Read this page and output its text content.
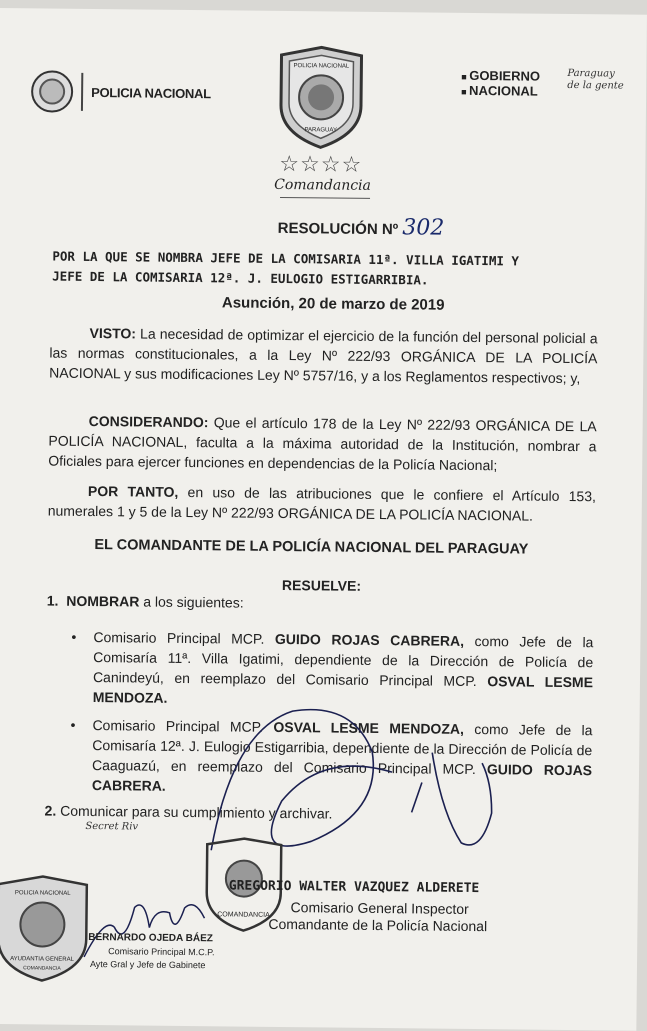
POLICIA NACIONAL
POLICIA NACIONAL
PARAGUAY
☆☆☆☆
Comandancia
■ GOBIERNO
■ NACIONAL
Paraguay
de la gente
RESOLUCIÓN Nº 302
POR LA QUE SE NOMBRA JEFE DE LA COMISARIA 11ª. VILLA IGATIMI Y
JEFE DE LA COMISARIA 12ª. J. EULOGIO ESTIGARRIBIA.
Asunción, 20 de marzo de 2019
VISTO: La necesidad de optimizar el ejercicio de la función del personal policial a las normas constitucionales, a la Ley Nº 222/93 ORGÁNICA DE LA POLICÍA NACIONAL y sus modificaciones Ley Nº 5757/16, y a los Reglamentos respectivos; y,
CONSIDERANDO: Que el artículo 178 de la Ley Nº 222/93 ORGÁNICA DE LA POLICÍA NACIONAL, faculta a la máxima autoridad de la Institución, nombrar a Oficiales para ejercer funciones en dependencias de la Policía Nacional;
POR TANTO, en uso de las atribuciones que le confiere el Artículo 153, numerales 1 y 5 de la Ley Nº 222/93 ORGÁNICA DE LA POLICÍA NACIONAL.
EL COMANDANTE DE LA POLICÍA NACIONAL DEL PARAGUAY
RESUELVE:
1. NOMBRAR a los siguientes:
• Comisario Principal MCP. GUIDO ROJAS CABRERA, como Jefe de la Comisaría 11ª. Villa Igatimi, dependiente de la Dirección de Policía de Canindeyú, en reemplazo del Comisario Principal MCP. OSVAL LESME MENDOZA.
• Comisario Principal MCP. OSVAL LESME MENDOZA, como Jefe de la Comisaría 12ª. J. Eulogio Estigarribia, dependiente de la Dirección de Policía de Caaguazú, en reemplazo del Comisario Principal MCP. GUIDO ROJAS CABRERA.
2. Comunicar para su cumplimiento y archivar.
Secret Riv
COMANDANCIA
GREGORIO WALTER VAZQUEZ ALDERETE
Comisario General Inspector
Comandante de la Policía Nacional
POLICIA NACIONAL
AYUDANTIA GENERAL
COMANDANCIA
BERNARDO OJEDA BÁEZ
Comisario Principal M.C.P.
Ayte Gral y Jefe de Gabinete
